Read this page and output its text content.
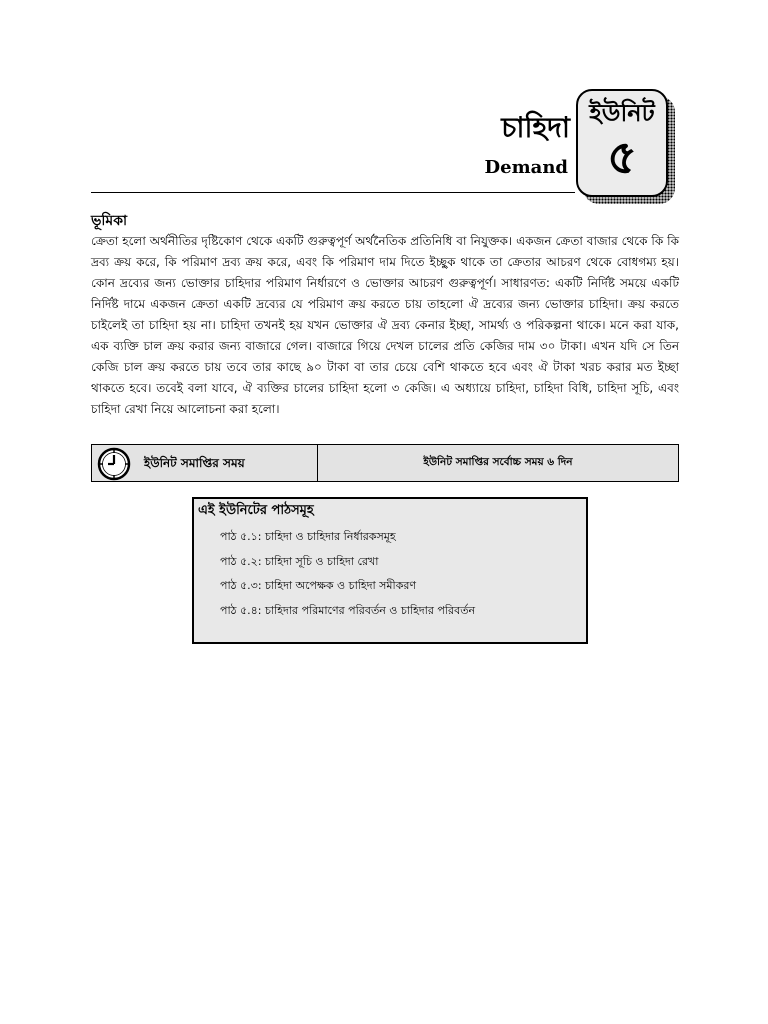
চাহিদা
Demand
ইউনিট
৫
ভূমিকা

ক্রেতা হলো অর্থনীতির দৃষ্টিকোণ থেকে একটি গুরুত্বপূর্ণ অর্থনৈতিক প্রতিনিধি বা নিযুক্তক। একজন ক্রেতা বাজার থেকে কি কি দ্রব্য ক্রয় করে, কি পরিমাণ দ্রব্য ক্রয় করে, এবং কি পরিমাণ দাম দিতে ইচ্ছুক থাকে তা ক্রেতার আচরণ থেকে বোধগম্য হয়। কোন দ্রব্যের জন্য ভোক্তার চাহিদার পরিমাণ নির্ধারণে ও ভোক্তার আচরণ গুরুত্বপূর্ণ। সাধারণত: একটি নির্দিষ্ট সময়ে একটি নির্দিষ্ট দামে একজন ক্রেতা একটি দ্রব্যের যে পরিমাণ ক্রয় করতে চায় তাহলো ঐ দ্রব্যের জন্য ভোক্তার চাহিদা। ক্রয় করতে চাইলেই তা চাহিদা হয় না। চাহিদা তখনই হয় যখন ভোক্তার ঐ দ্রব্য কেনার ইচ্ছা, সামর্থ্য ও পরিকল্পনা থাকে। মনে করা যাক, এক ব্যক্তি চাল ক্রয় করার জন্য বাজারে গেল। বাজারে গিয়ে দেখল চালের প্রতি কেজির দাম ৩০ টাকা। এখন যদি সে তিন কেজি চাল ক্রয় করতে চায় তবে তার কাছে ৯০ টাকা বা তার চেয়ে বেশি থাকতে হবে এবং ঐ টাকা খরচ করার মত ইচ্ছা থাকতে হবে। তবেই বলা যাবে, ঐ ব্যক্তির চালের চাহিদা হলো ৩ কেজি। এ অধ্যায়ে চাহিদা, চাহিদা বিধি, চাহিদা সূচি, এবং চাহিদা রেখা নিয়ে আলোচনা করা হলো।

ইউনিট সমাপ্তির সময়	ইউনিট সমাপ্তির সর্বোচ্চ সময় ৬ দিন
এই ইউনিটের পাঠসমূহ
পাঠ ৫.১: চাহিদা ও চাহিদার নির্ধারকসমূহ
পাঠ ৫.২: চাহিদা সূচি ও চাহিদা রেখা
পাঠ ৫.৩: চাহিদা অপেক্ষক ও চাহিদা সমীকরণ
পাঠ ৫.৪: চাহিদার পরিমাণের পরিবর্তন ও চাহিদার পরিবর্তন
